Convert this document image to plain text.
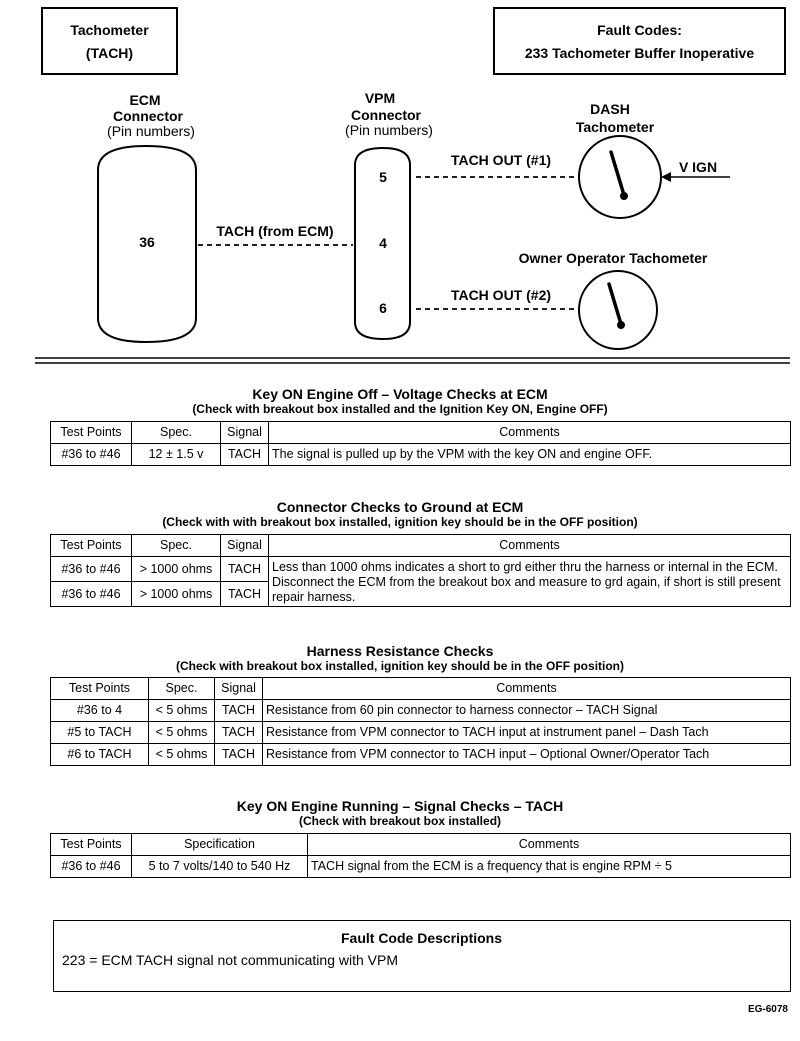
Tachometer
(TACH)
Fault Codes:
233 Tachometer Buffer Inoperative
ECM
Connector
(Pin numbers)
36
VPM
Connector
(Pin numbers)
5
4
6
TACH (from ECM)
DASH
Tachometer
TACH OUT (#1)	V IGN
Owner Operator Tachometer
TACH OUT (#2)
Key ON Engine Off – Voltage Checks at ECM
(Check with breakout box installed and the Ignition Key ON, Engine OFF)
Test Points	Spec.	Signal	Comments
#36 to #46	12 ± 1.5 v	TACH	The signal is pulled up by the VPM with the key ON and engine OFF.
Connector Checks to Ground at ECM
(Check with with breakout box installed, ignition key should be in the OFF position)
Test Points	Spec.	Signal	Comments
#36 to #46	> 1000 ohms	TACH	Less than 1000 ohms indicates a short to grd either thru the harness or internal in the ECM. Disconnect the ECM from the breakout box and measure to grd again, if short is still present repair harness.
#36 to #46	> 1000 ohms	TACH	
Harness Resistance Checks
(Check with breakout box installed, ignition key should be in the OFF position)
Test Points	Spec.	Signal	Comments
#36 to 4	< 5 ohms	TACH	Resistance from 60 pin connector to harness connector – TACH Signal
#5 to TACH	< 5 ohms	TACH	Resistance from VPM connector to TACH input at instrument panel – Dash Tach
#6 to TACH	< 5 ohms	TACH	Resistance from VPM connector to TACH input – Optional Owner/Operator Tach
Key ON Engine Running – Signal Checks – TACH
(Check with breakout box installed)
Test Points	Specification	Comments
#36 to #46	5 to 7 volts/140 to 540 Hz	TACH signal from the ECM is a frequency that is engine RPM ÷ 5
Fault Code Descriptions
223 = ECM TACH signal not communicating with VPM
EG-6078
